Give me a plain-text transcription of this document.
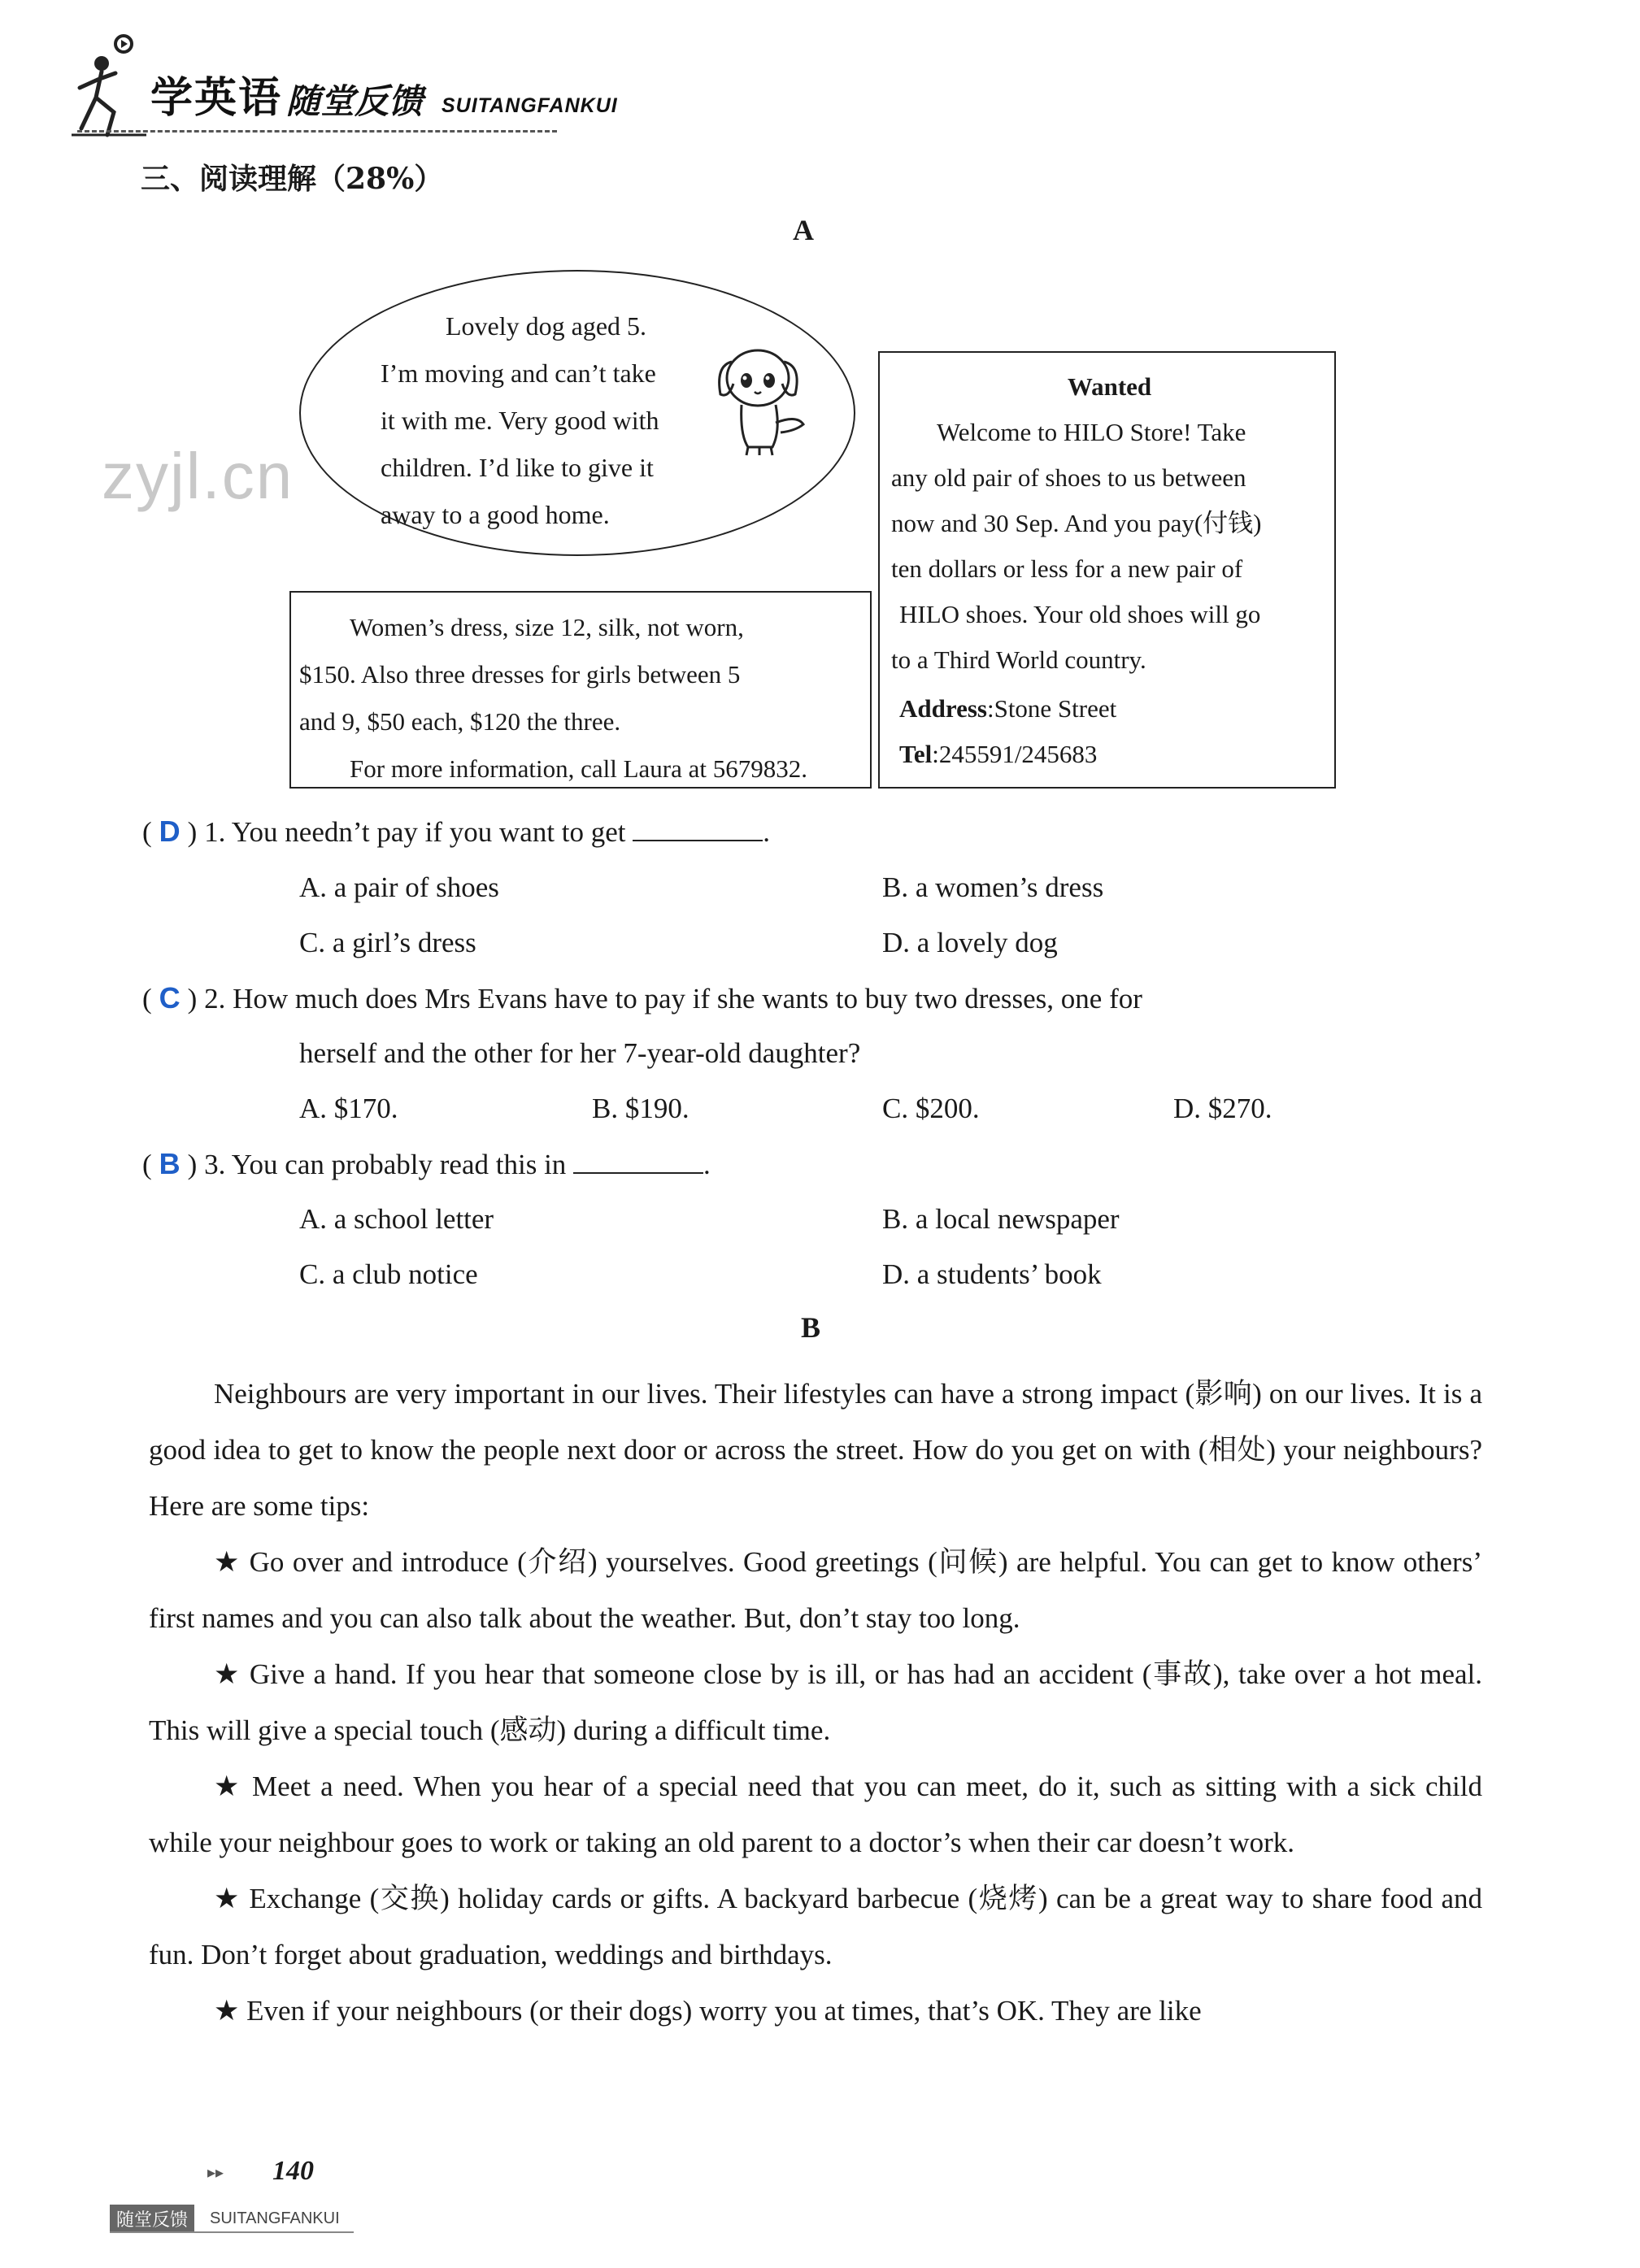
学英语 随堂反馈 SUITANGFANKUI
三、阅读理解（28%）
zyjl.cn
A
Lovely dog aged 5.
I’m moving and can’t take
it with me. Very good with
children. I’d like to give it
away to a good home.
Women’s dress, size 12, silk, not worn,
$150. Also three dresses for girls between 5
and 9, $50 each, $120 the three.
For more information, call Laura at 5679832.
Wanted
Welcome to HILO Store! Take
any old pair of shoes to us between
now and 30 Sep. And you pay(付钱)
ten dollars or less for a new pair of
HILO shoes. Your old shoes will go
to a Third World country.
Address:Stone Street
Tel:245591/245683
( D ) 1. You needn’t pay if you want to get	.
A. a pair of shoes	B. a women’s dress
C. a girl’s dress	D. a lovely dog
( C ) 2. How much does Mrs Evans have to pay if she wants to buy two dresses, one for
herself and the other for her 7-year-old daughter?
A. $170.	B. $190.	C. $200.	D. $270.
( B ) 3. You can probably read this in	.
A. a school letter	B. a local newspaper
C. a club notice	D. a students’ book
B

Neighbours are very important in our lives. Their lifestyles can have a strong impact (影响) on our lives. It is a good idea to get to know the people next door or across the street. How do you get on with (相处) your neighbours? Here are some tips:

★ Go over and introduce (介绍) yourselves. Good greetings (问候) are helpful. You can get to know others’ first names and you can also talk about the weather. But, don’t stay too long.

★ Give a hand. If you hear that someone close by is ill, or has had an accident (事故), take over a hot meal. This will give a special touch (感动) during a difficult time.

★ Meet a need. When you hear of a special need that you can meet, do it, such as sitting with a sick child while your neighbour goes to work or taking an old parent to a doctor’s when their car doesn’t work.

★ Exchange (交换) holiday cards or gifts. A backyard barbecue (烧烤) can be a great way to share food and fun. Don’t forget about graduation, weddings and birthdays.

★ Even if your neighbours (or their dogs) worry you at times, that’s OK. They are like

▸▸ 140
随堂反馈	SUITANGFANKUI
